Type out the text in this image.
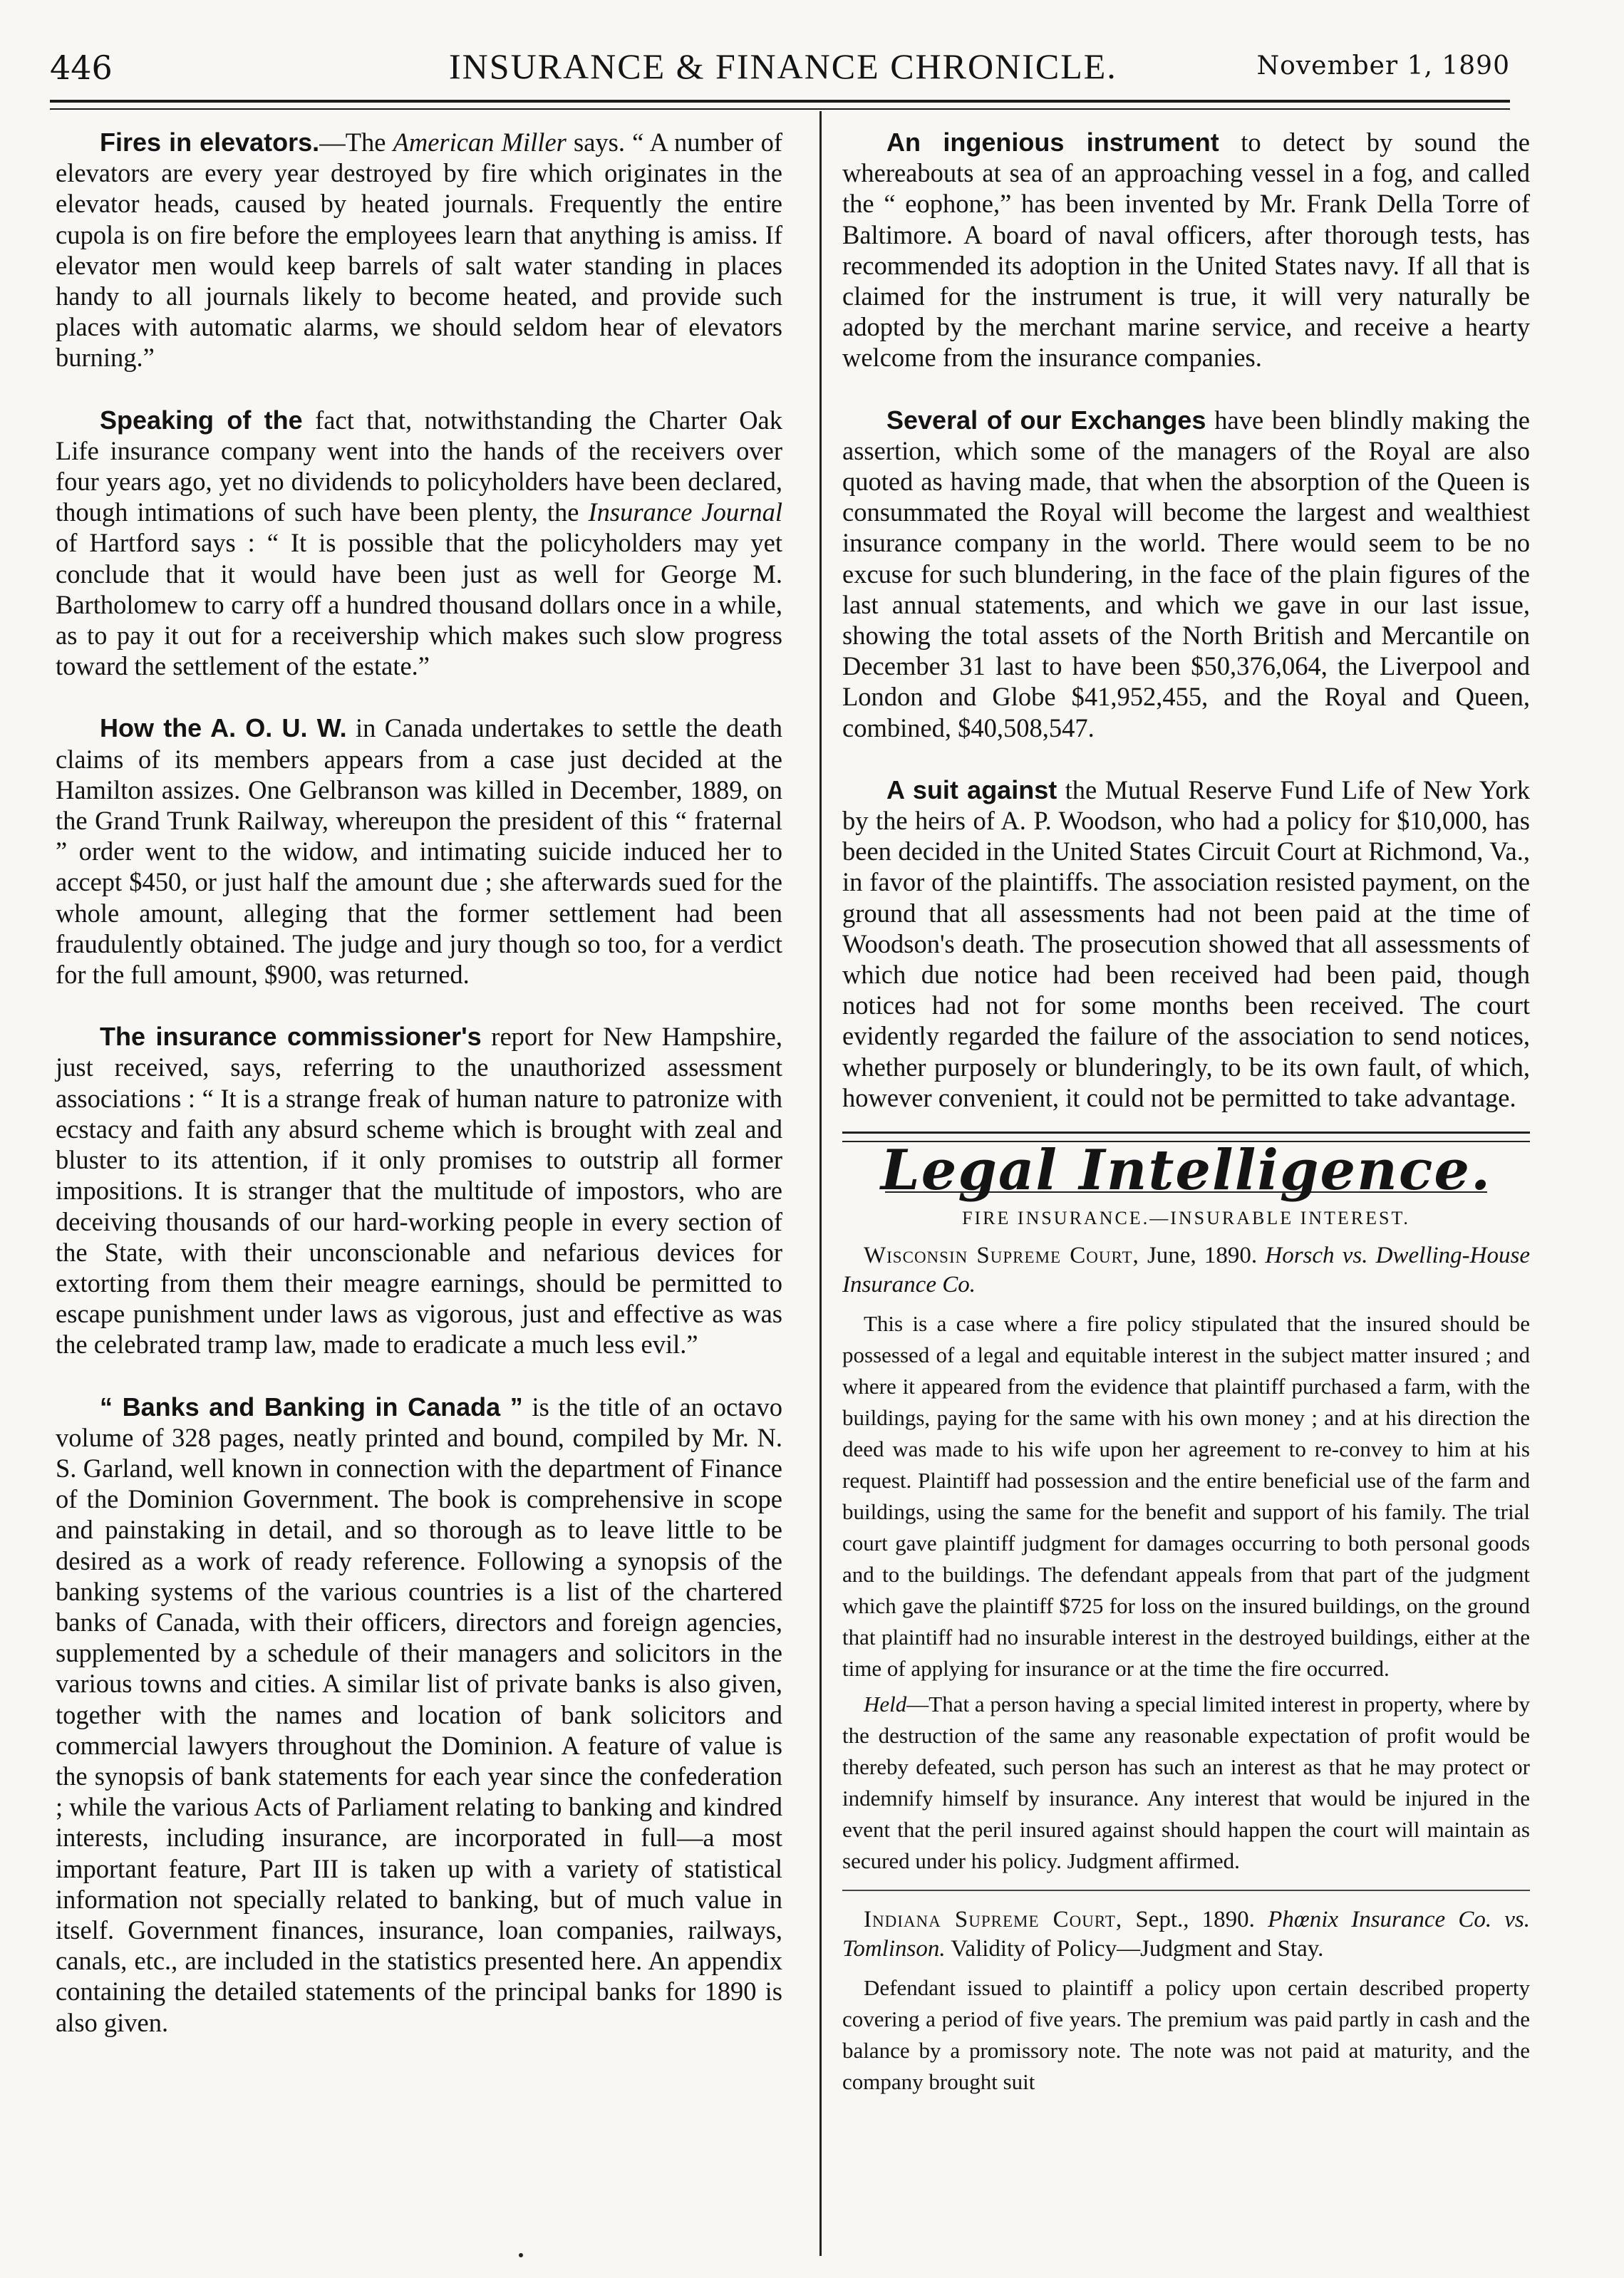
446	INSURANCE & FINANCE CHRONICLE.	November 1, 1890

Fires in elevators.—The American Miller says. “ A number of elevators are every year destroyed by fire which originates in the elevator heads, caused by heated journals. Frequently the entire cupola is on fire before the employees learn that anything is amiss. If elevator men would keep barrels of salt water standing in places handy to all journals likely to become heated, and provide such places with automatic alarms, we should seldom hear of elevators burning.”

Speaking of the fact that, notwithstanding the Charter Oak Life insurance company went into the hands of the receivers over four years ago, yet no dividends to policyholders have been declared, though intimations of such have been plenty, the Insurance Journal of Hartford says : “ It is possible that the policyholders may yet conclude that it would have been just as well for George M. Bartholomew to carry off a hundred thousand dollars once in a while, as to pay it out for a receivership which makes such slow progress toward the settlement of the estate.”

How the A. O. U. W. in Canada undertakes to settle the death claims of its members appears from a case just decided at the Hamilton assizes. One Gelbranson was killed in December, 1889, on the Grand Trunk Railway, whereupon the president of this “ fraternal ” order went to the widow, and intimating suicide induced her to accept $450, or just half the amount due ; she afterwards sued for the whole amount, alleging that the former settlement had been fraudulently obtained. The judge and jury though so too, for a verdict for the full amount, $900, was returned.

The insurance commissioner's report for New Hampshire, just received, says, referring to the unauthorized assessment associations : “ It is a strange freak of human nature to patronize with ecstacy and faith any absurd scheme which is brought with zeal and bluster to its attention, if it only promises to outstrip all former impositions. It is stranger that the multitude of impostors, who are deceiving thousands of our hard-working people in every section of the State, with their unconscionable and nefarious devices for extorting from them their meagre earnings, should be permitted to escape punishment under laws as vigorous, just and effective as was the celebrated tramp law, made to eradicate a much less evil.”

“ Banks and Banking in Canada ” is the title of an octavo volume of 328 pages, neatly printed and bound, compiled by Mr. N. S. Garland, well known in connection with the department of Finance of the Dominion Government. The book is comprehensive in scope and painstaking in detail, and so thorough as to leave little to be desired as a work of ready reference. Following a synopsis of the banking systems of the various countries is a list of the chartered banks of Canada, with their officers, directors and foreign agencies, supplemented by a schedule of their managers and solicitors in the various towns and cities. A similar list of private banks is also given, together with the names and location of bank solicitors and commercial lawyers throughout the Dominion. A feature of value is the synopsis of bank statements for each year since the confederation ; while the various Acts of Parliament relating to banking and kindred interests, including insurance, are incorporated in full—a most important feature, Part III is taken up with a variety of statistical information not specially related to banking, but of much value in itself. Government finances, insurance, loan companies, railways, canals, etc., are included in the statistics presented here. An appendix containing the detailed statements of the principal banks for 1890 is also given.

An ingenious instrument to detect by sound the whereabouts at sea of an approaching vessel in a fog, and called the “ eophone,” has been invented by Mr. Frank Della Torre of Baltimore. A board of naval officers, after thorough tests, has recommended its adoption in the United States navy. If all that is claimed for the instrument is true, it will very naturally be adopted by the merchant marine service, and receive a hearty welcome from the insurance companies.

Several of our Exchanges have been blindly making the assertion, which some of the managers of the Royal are also quoted as having made, that when the absorption of the Queen is consummated the Royal will become the largest and wealthiest insurance company in the world. There would seem to be no excuse for such blundering, in the face of the plain figures of the last annual statements, and which we gave in our last issue, showing the total assets of the North British and Mercantile on December 31 last to have been $50,376,064, the Liverpool and London and Globe $41,952,455, and the Royal and Queen, combined, $40,508,547.

A suit against the Mutual Reserve Fund Life of New York by the heirs of A. P. Woodson, who had a policy for $10,000, has been decided in the United States Circuit Court at Richmond, Va., in favor of the plaintiffs. The association resisted payment, on the ground that all assessments had not been paid at the time of Woodson's death. The prosecution showed that all assessments of which due notice had been received had been paid, though notices had not for some months been received. The court evidently regarded the failure of the association to send notices, whether purposely or blunderingly, to be its own fault, of which, however convenient, it could not be permitted to take advantage.

Legal Intelligence.
FIRE INSURANCE.—INSURABLE INTEREST.

Wisconsin Supreme Court, June, 1890. Horsch vs. Dwelling-House Insurance Co.

This is a case where a fire policy stipulated that the insured should be possessed of a legal and equitable interest in the subject matter insured ; and where it appeared from the evidence that plaintiff purchased a farm, with the buildings, paying for the same with his own money ; and at his direction the deed was made to his wife upon her agreement to re-convey to him at his request. Plaintiff had possession and the entire beneficial use of the farm and buildings, using the same for the benefit and support of his family. The trial court gave plaintiff judgment for damages occurring to both personal goods and to the buildings. The defendant appeals from that part of the judgment which gave the plaintiff $725 for loss on the insured buildings, on the ground that plaintiff had no insurable interest in the destroyed buildings, either at the time of applying for insurance or at the time the fire occurred.

Held—That a person having a special limited interest in property, where by the destruction of the same any reasonable expectation of profit would be thereby defeated, such person has such an interest as that he may protect or indemnify himself by insurance. Any interest that would be injured in the event that the peril insured against should happen the court will maintain as secured under his policy. Judgment affirmed.

Indiana Supreme Court, Sept., 1890. Phœnix Insurance Co. vs. Tomlinson. Validity of Policy—Judgment and Stay.

Defendant issued to plaintiff a policy upon certain described property covering a period of five years. The premium was paid partly in cash and the balance by a promissory note. The note was not paid at maturity, and the company brought suit
